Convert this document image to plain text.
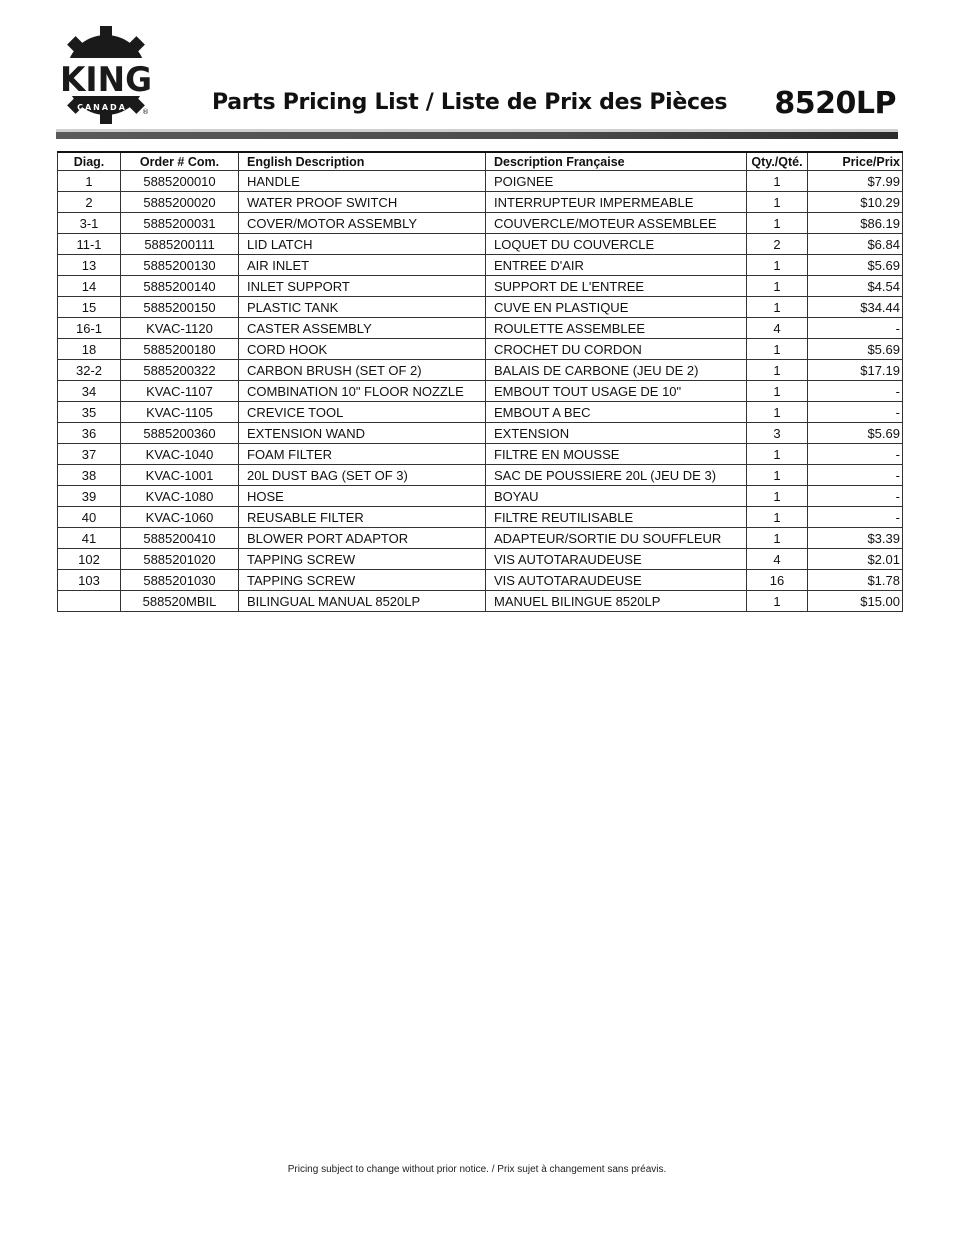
KING
CANADA ®	Parts Pricing List / Liste de Prix des Pièces 8520LP
Diag.	Order # Com.	English Description	Description Française	Qty./Qté.	Price/Prix
1	5885200010	HANDLE	POIGNEE	1	$7.99
2	5885200020	WATER PROOF SWITCH	INTERRUPTEUR IMPERMEABLE	1	$10.29
3-1	5885200031	COVER/MOTOR ASSEMBLY	COUVERCLE/MOTEUR ASSEMBLEE	1	$86.19
11-1	5885200111	LID LATCH	LOQUET DU COUVERCLE	2	$6.84
13	5885200130	AIR INLET	ENTREE D'AIR	1	$5.69
14	5885200140	INLET SUPPORT	SUPPORT DE L'ENTREE	1	$4.54
15	5885200150	PLASTIC TANK	CUVE EN PLASTIQUE	1	$34.44
16-1	KVAC-1120	CASTER ASSEMBLY	ROULETTE ASSEMBLEE	4	-
18	5885200180	CORD HOOK	CROCHET DU CORDON	1	$5.69
32-2	5885200322	CARBON BRUSH (SET OF 2)	BALAIS DE CARBONE (JEU DE 2)	1	$17.19
34	KVAC-1107	COMBINATION 10" FLOOR NOZZLE	EMBOUT TOUT USAGE DE 10"	1	-
35	KVAC-1105	CREVICE TOOL	EMBOUT A BEC	1	-
36	5885200360	EXTENSION WAND	EXTENSION	3	$5.69
37	KVAC-1040	FOAM FILTER	FILTRE EN MOUSSE	1	-
38	KVAC-1001	20L DUST BAG (SET OF 3)	SAC DE POUSSIERE 20L (JEU DE 3)	1	-
39	KVAC-1080	HOSE	BOYAU	1	-
40	KVAC-1060	REUSABLE FILTER	FILTRE REUTILISABLE	1	-
41	5885200410	BLOWER PORT ADAPTOR	ADAPTEUR/SORTIE DU SOUFFLEUR	1	$3.39
102	5885201020	TAPPING SCREW	VIS AUTOTARAUDEUSE	4	$2.01
103	5885201030	TAPPING SCREW	VIS AUTOTARAUDEUSE	16	$1.78
	588520MBIL	BILINGUAL MANUAL 8520LP	MANUEL BILINGUE 8520LP	1	$15.00
Pricing subject to change without prior notice. / Prix sujet à changement sans préavis.
